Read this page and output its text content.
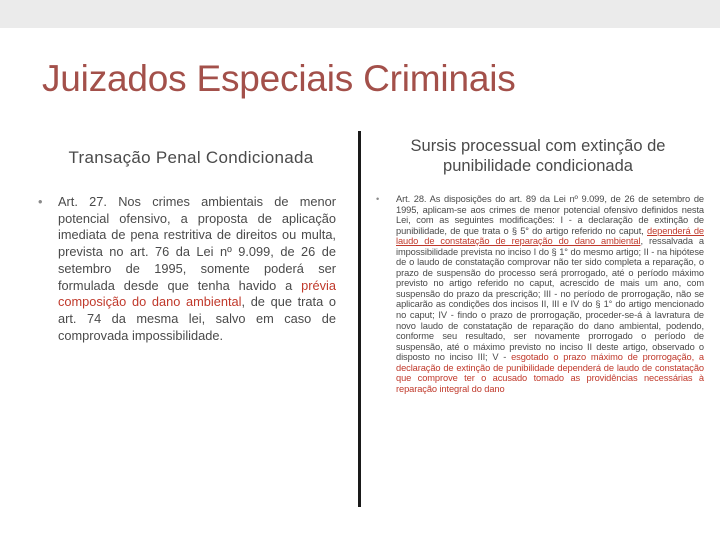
Juizados Especiais Criminais
Transação Penal Condicionada
Sursis processual com extinção de punibilidade condicionada

• Art. 27. Nos crimes ambientais de menor potencial ofensivo, a proposta de aplicação imediata de pena restritiva de direitos ou multa, prevista no art. 76 da Lei nº 9.099, de 26 de setembro de 1995, somente poderá ser formulada desde que tenha havido a prévia composição do dano ambiental, de que trata o art. 74 da mesma lei, salvo em caso de comprovada impossibilidade.

• Art. 28. As disposições do art. 89 da Lei nº 9.099, de 26 de setembro de 1995, aplicam-se aos crimes de menor potencial ofensivo definidos nesta Lei, com as seguintes modificações: I - a declaração de extinção de punibilidade, de que trata o § 5° do artigo referido no caput, dependerá de laudo de constatação de reparação do dano ambiental, ressalvada a impossibilidade prevista no inciso I do § 1° do mesmo artigo; II - na hipótese de o laudo de constatação comprovar não ter sido completa a reparação, o prazo de suspensão do processo será prorrogado, até o período máximo previsto no artigo referido no caput, acrescido de mais um ano, com suspensão do prazo da prescrição; III - no período de prorrogação, não se aplicarão as condições dos incisos II, III e IV do § 1° do artigo mencionado no caput; IV - findo o prazo de prorrogação, proceder-se-á à lavratura de novo laudo de constatação de reparação do dano ambiental, podendo, conforme seu resultado, ser novamente prorrogado o período de suspensão, até o máximo previsto no inciso II deste artigo, observado o disposto no inciso III; V - esgotado o prazo máximo de prorrogação, a declaração de extinção de punibilidade dependerá de laudo de constatação que comprove ter o acusado tomado as providências necessárias à reparação integral do dano
